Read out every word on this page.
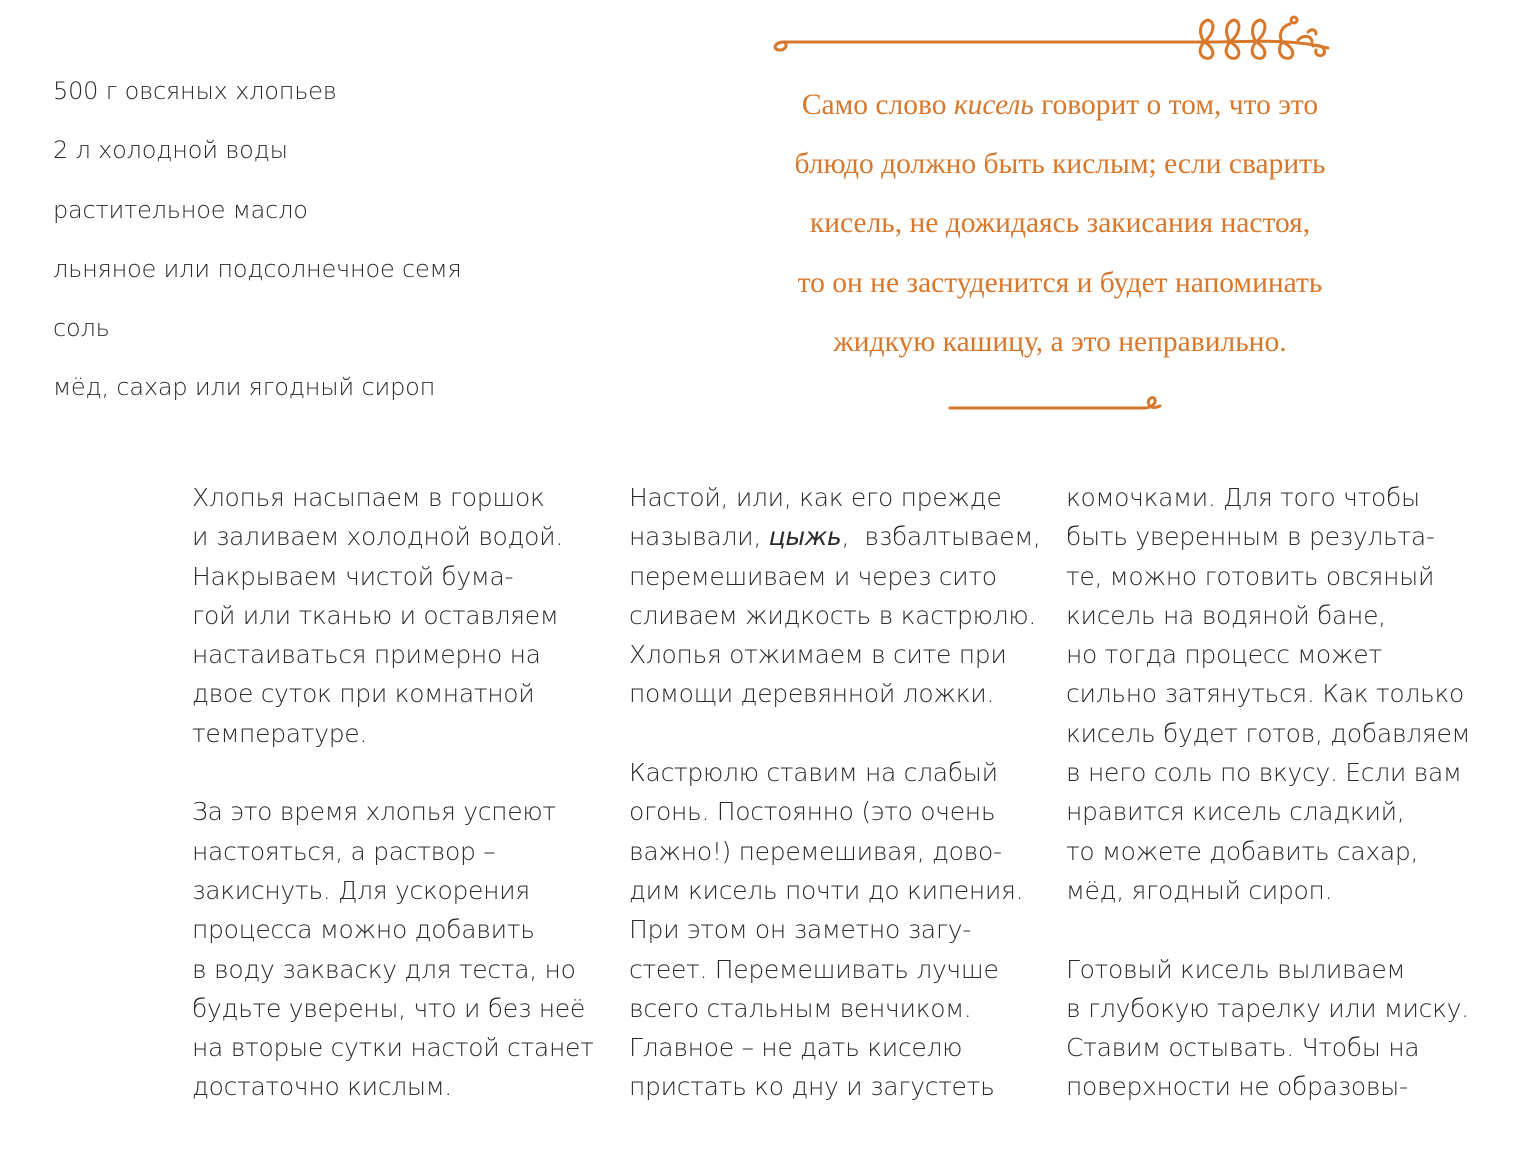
500 г овсяных хлопьев
2 л холодной воды
растительное масло
льняное или подсолнечное семя
соль
мёд, сахар или ягодный сироп

Само слово кисель говорит о том, что это
блюдо должно быть кислым; если сварить
кисель, не дожидаясь закисания настоя,
то он не застуденится и будет напоминать
жидкую кашицу, а это неправильно.

Хлопья насыпаем в горшок
и заливаем холодной водой.
Накрываем чистой бума-
гой или тканью и оставляем
настаиваться примерно на
двое суток при комнатной
температуре.

За это время хлопья успеют
настояться, а раствор –
закиснуть. Для ускорения
процесса можно добавить
в воду закваску для теста, но
будьте уверены, что и без неё
на вторые сутки настой станет
достаточно кислым.

Настой, или, как его прежде
называли, цыжь,  взбалтываем,
перемешиваем и через сито
сливаем жидкость в кастрюлю.
Хлопья отжимаем в сите при
помощи деревянной ложки.

Кастрюлю ставим на слабый
огонь. Постоянно (это очень
важно!) перемешивая, дово-
дим кисель почти до кипения.
При этом он заметно загу-
стеет. Перемешивать лучше
всего стальным венчиком.
Главное – не дать киселю
пристать ко дну и загустеть

комочками. Для того чтобы
быть уверенным в результа-
те, можно готовить овсяный
кисель на водяной бане,
но тогда процесс может
сильно затянуться. Как только
кисель будет готов, добавляем
в него соль по вкусу. Если вам
нравится кисель сладкий,
то можете добавить сахар,
мёд, ягодный сироп.

Готовый кисель выливаем
в глубокую тарелку или миску.
Ставим остывать. Чтобы на
поверхности не образовы-
